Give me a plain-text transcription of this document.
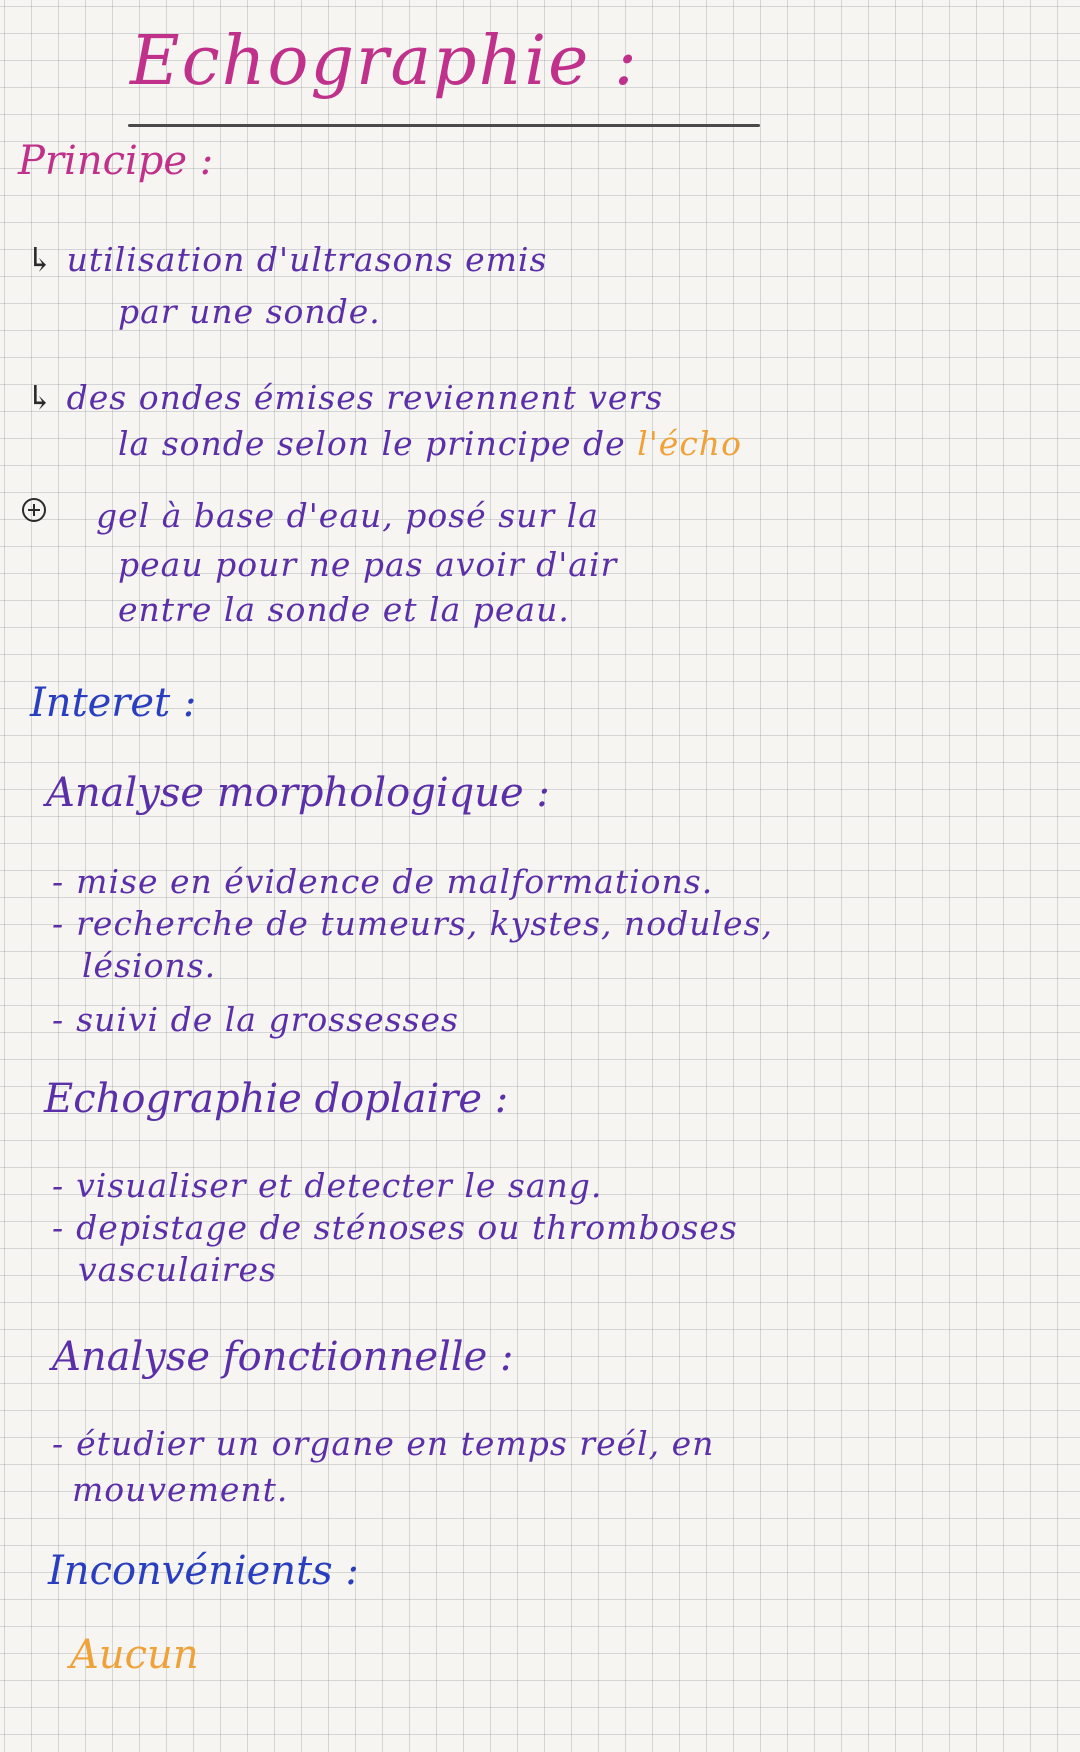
Echographie :
Principe :
↳ utilisation d'ultrasons emis
par une sonde.
↳ des ondes émises reviennent vers
la sonde selon le principe de l'écho
gel à base d'eau, posé sur la
peau pour ne pas avoir d'air
entre la sonde et la peau.
Interet :
Analyse morphologique :
- mise en évidence de malformations.
- recherche de tumeurs, kystes, nodules,
lésions.
- suivi de la grossesses
Echographie doplaire :
- visualiser et detecter le sang.
- depistage de sténoses ou thromboses
vasculaires
Analyse fonctionnelle :
- étudier un organe en temps reél, en
mouvement.
Inconvénients :
Aucun
